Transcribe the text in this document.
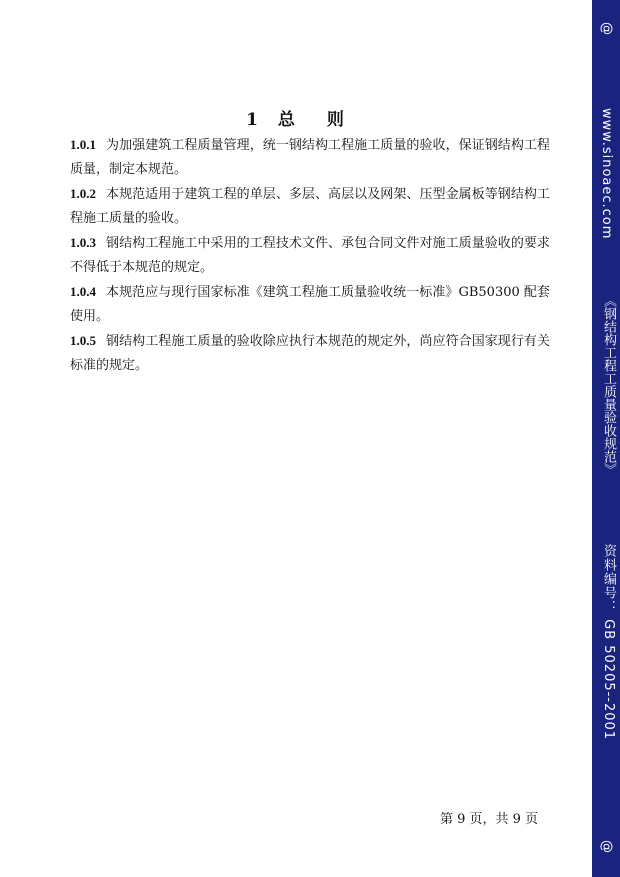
1 总 则

1.0.1 为加强建筑工程质量管理，统一钢结构工程施工质量的验收，保证钢结构工程质量，制定本规范。

1.0.2 本规范适用于建筑工程的单层、多层、高层以及网架、压型金属板等钢结构工程施工质量的验收。

1.0.3 钢结构工程施工中采用的工程技术文件、承包合同文件对施工质量验收的要求不得低于本规范的规定。

1.0.4 本规范应与现行国家标准《建筑工程施工质量验收统一标准》GB50300 配套使用。

1.0.5 钢结构工程施工质量的验收除应执行本规范的规定外，尚应符合国家现行有关标准的规定。

第 9 页，共 9 页
@
www.sinoaec.com
《钢结构工程工质量验收规范》
资料编号： GB 50205--2001
@
